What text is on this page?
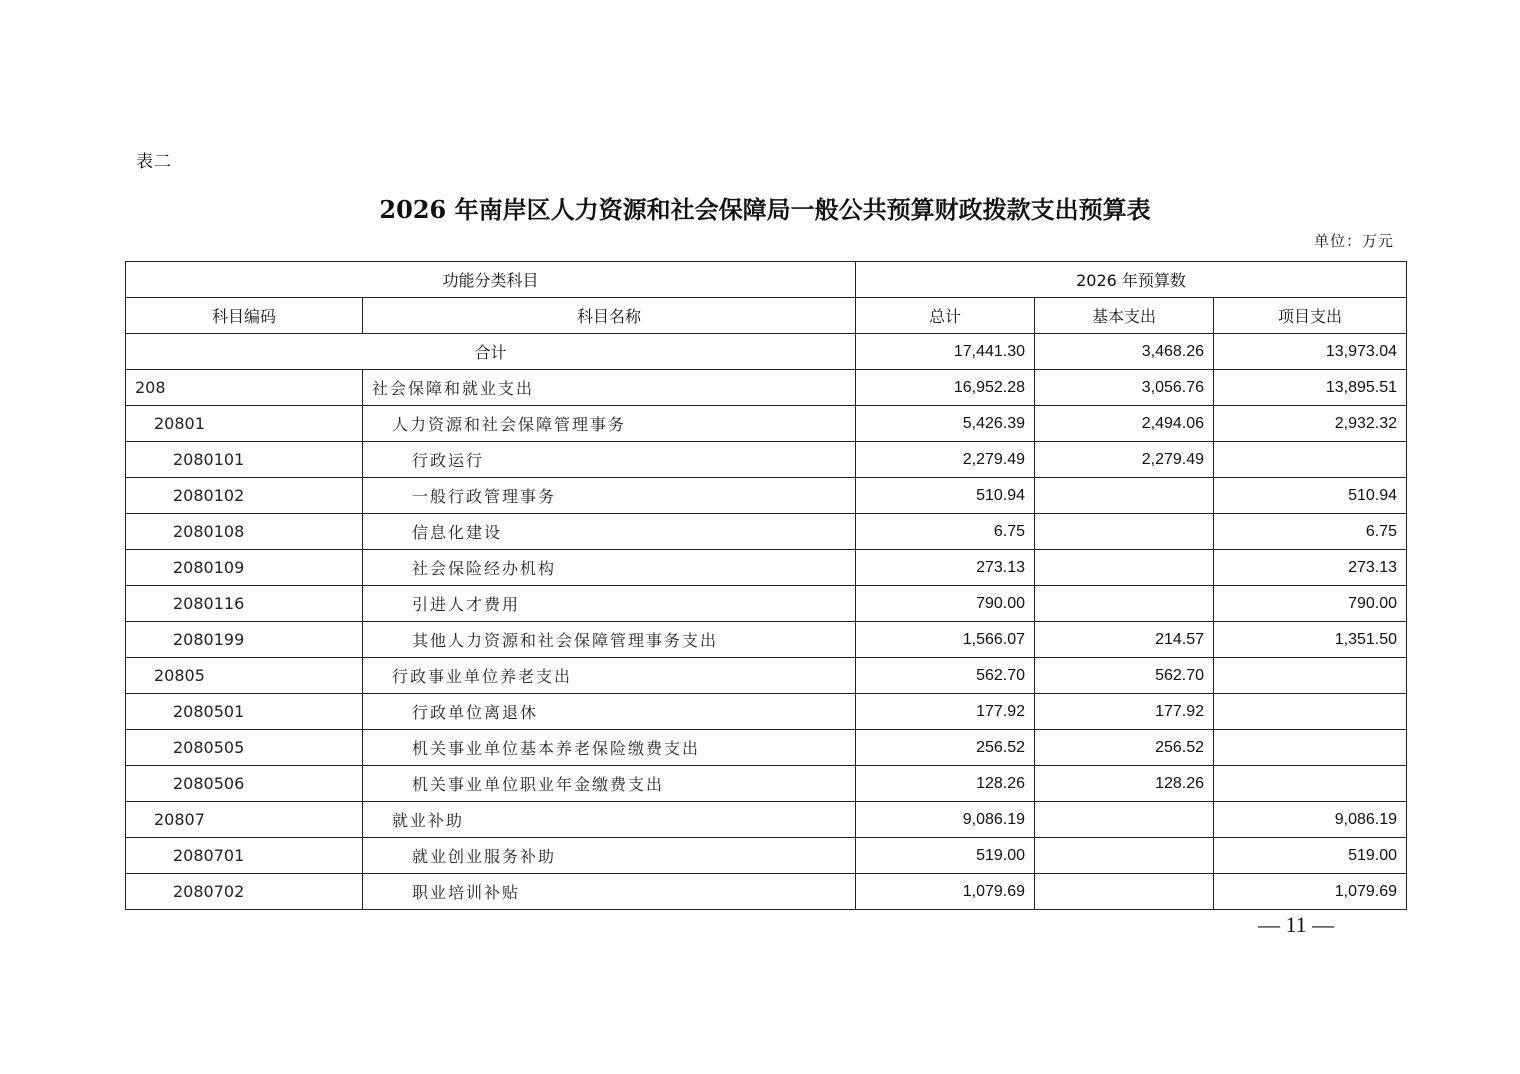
表二
2026 年南岸区人力资源和社会保障局一般公共预算财政拨款支出预算表
单位：万元
功能分类科目		2026 年预算数		
科目编码	科目名称	总计	基本支出	项目支出
合计		17,441.30	3,468.26	13,973.04
208	社会保障和就业支出	16,952.28	3,056.76	13,895.51
20801	人力资源和社会保障管理事务	5,426.39	2,494.06	2,932.32
2080101	行政运行	2,279.49	2,279.49	
2080102	一般行政管理事务	510.94		510.94
2080108	信息化建设	6.75		6.75
2080109	社会保险经办机构	273.13		273.13
2080116	引进人才费用	790.00		790.00
2080199	其他人力资源和社会保障管理事务支出	1,566.07	214.57	1,351.50
20805	行政事业单位养老支出	562.70	562.70	
2080501	行政单位离退休	177.92	177.92	
2080505	机关事业单位基本养老保险缴费支出	256.52	256.52	
2080506	机关事业单位职业年金缴费支出	128.26	128.26	
20807	就业补助	9,086.19		9,086.19
2080701	就业创业服务补助	519.00		519.00
2080702	职业培训补贴	1,079.69		1,079.69
— 11 —
